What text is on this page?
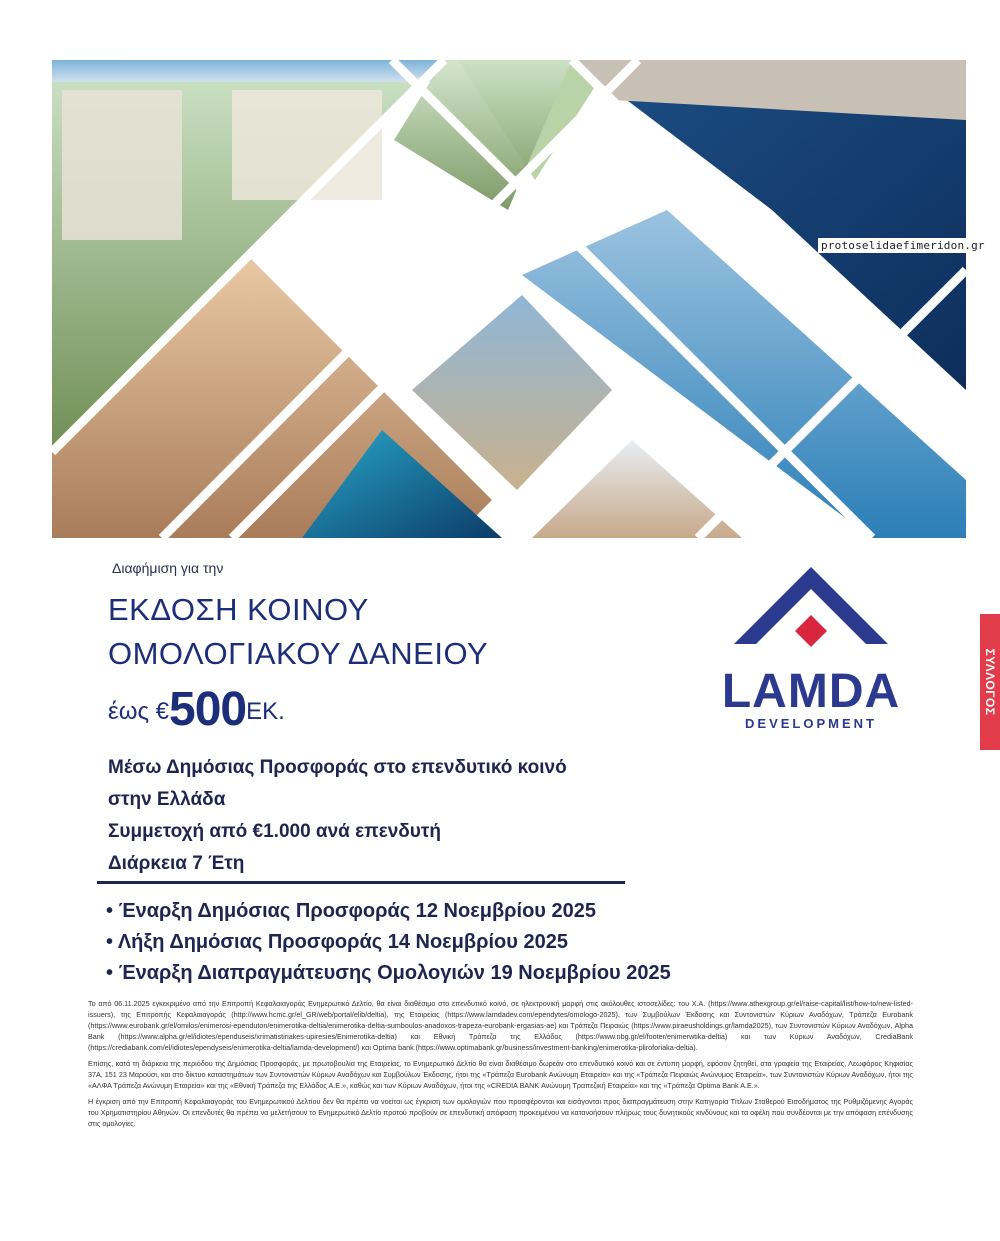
protoselidaefimeridon.gr
ΣΥΛΛΟΓΟΣ
Διαφήμιση για την
ΕΚΔΟΣΗ ΚΟΙΝΟΥ
ΟΜΟΛΟΓΙΑΚΟΥ ΔΑΝΕΙΟΥ
έως €500ΕΚ.
Μέσω Δημόσιας Προσφοράς στο επενδυτικό κοινό
στην Ελλάδα
Συμμετοχή από €1.000 ανά επενδυτή
Διάρκεια 7 Έτη
• Έναρξη Δημόσιας Προσφοράς 12 Νοεμβρίου 2025
• Λήξη Δημόσιας Προσφοράς 14 Νοεμβρίου 2025
• Έναρξη Διαπραγμάτευσης Ομολογιών 19 Νοεμβρίου 2025
LAMDA
DEVELOPMENT

Το από 06.11.2025 εγκεκριμένο από την Επιτροπή Κεφαλαιαγοράς Ενημερωτικό Δελτίο, θα είναι διαθέσιμο στο επενδυτικό κοινό, σε ηλεκτρονική μορφή στις ακόλουθες ιστοσελίδες: του Χ.Α. (https://www.athexgroup.gr/el/raise-capital/list/how-to/new-listed-issuers), της Επιτροπής Κεφαλαιαγοράς (http://www.hcmc.gr/el_GR/web/portal/elib/deltia), της Εταιρείας (https://www.lamdadev.com/ependytes/omologo-2025), των Συμβούλων Έκδοσης και Συντονιστών Κύριων Αναδόχων, Τράπεζα Eurobank (https://www.eurobank.gr/el/omilos/enimerosi-ependuton/enimerotika-deltia/enimerotika-deltia-sumboulos-anadoxos-trapeza-eurobank-ergasias-ae) και Τράπεζα Πειραιώς (https://www.piraeusholdings.gr/lamda2025), των Συντονιστών Κύριων Αναδόχων, Alpha Bank (https://www.alpha.gr/el/idiotes/ependuseis/xrimatistiriakes-upiresies/Enimerotika-deltia) και Εθνική Τράπεζα της Ελλάδος (https://www.nbg.gr/el/footer/enimerwtika-deltia) και των Κύριων Αναδόχων, CrediaBank (https://crediabank.com/el/idiotes/ependyseis/enimerotika-deltia/lamda-development/) και Optima bank (https://www.optimabank.gr/business/investment-banking/enimerotika-pliroforiaka-deltia).

Επίσης, κατά τη διάρκεια της περιόδου της Δημόσιας Προσφοράς, με πρωτοβουλία της Εταιρείας, το Ενημερωτικό Δελτίο θα είναι διαθέσιμο δωρεάν στο επενδυτικό κοινό και σε έντυπη μορφή, εφόσον ζητηθεί, στα γραφεία της Εταιρείας, Λεωφόρος Κηφισίας 37Α, 151 23 Μαρούσι, και στο δίκτυο καταστημάτων των Συντονιστών Κύριων Αναδόχων και Συμβούλων Έκδοσης, ήτοι της «Τράπεζα Eurobank Ανώνυμη Εταιρεία» και της «Τράπεζα Πειραιώς Ανώνυμος Εταιρεία», των Συντονιστών Κύριων Αναδόχων, ήτοι της «ΑΛΦΑ Τράπεζα Ανώνυμη Εταιρεία» και της «Εθνική Τράπεζα της Ελλάδος Α.Ε.», καθώς και των Κύριων Αναδόχων, ήτοι της «CREDIA BANK Ανώνυμη Τραπεζική Εταιρεία» και της «Τράπεζα Optima Bank A.E.».

Η έγκριση από την Επιτροπή Κεφαλαιαγοράς του Ενημερωτικού Δελτίου δεν θα πρέπει να νοείται ως έγκριση των ομολογιών που προσφέρονται και εισάγονται προς διαπραγμάτευση στην Κατηγορία Τίτλων Σταθερού Εισοδήματος της Ρυθμιζόμενης Αγοράς του Χρηματιστηρίου Αθηνών. Οι επενδυτές θα πρέπει να μελετήσουν το Ενημερωτικό Δελτίο προτού προβούν σε επενδυτική απόφαση προκειμένου να κατανοήσουν πλήρως τους δυνητικούς κινδύνους και τα οφέλη που συνδέονται με την απόφαση επένδυσης στις ομολογίες.
